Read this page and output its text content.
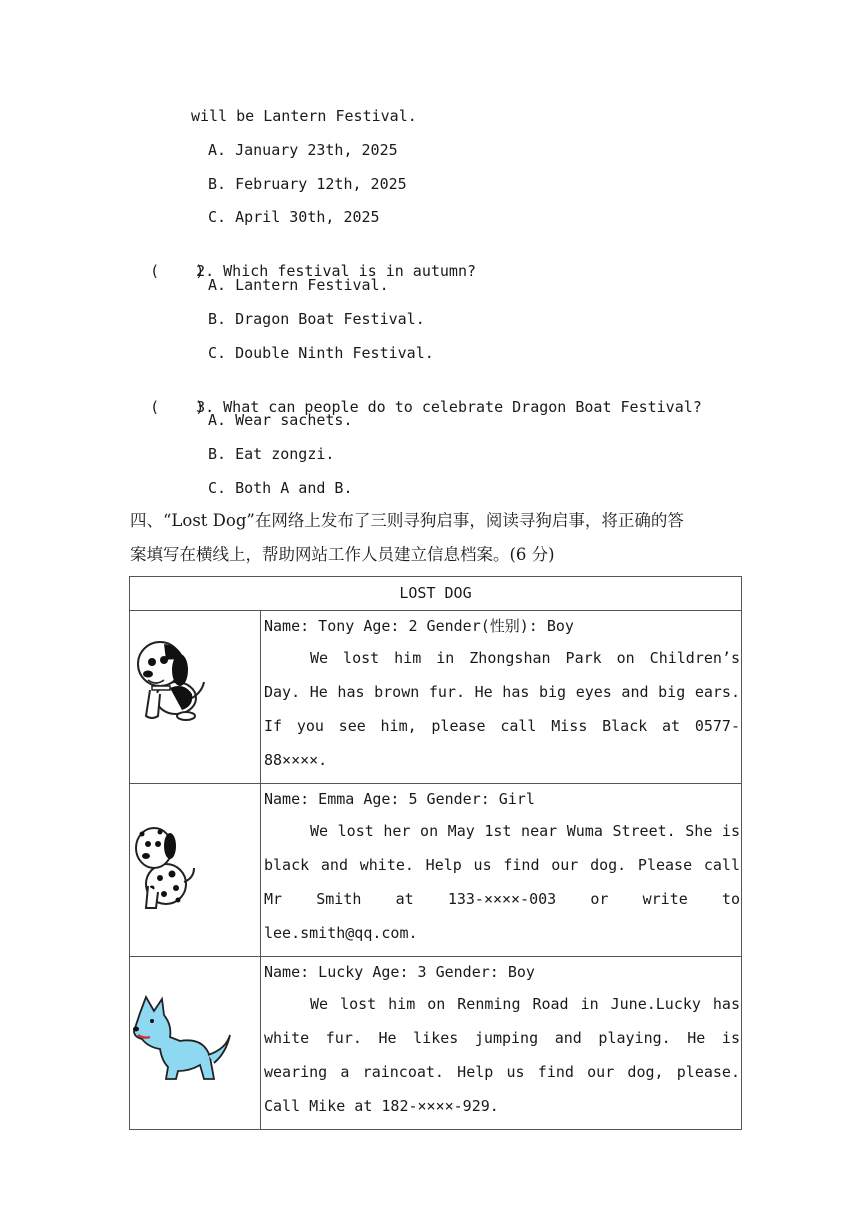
will be Lantern Festival.
A. January 23th, 2025
B. February 12th, 2025
C. April 30th, 2025

(    )2. Which festival is in autumn?

A. Lantern Festival.
B. Dragon Boat Festival.
C. Double Ninth Festival.

(    )3. What can people do to celebrate Dragon Boat Festival?

A. Wear sachets.
B. Eat zongzi.
C. Both A and B.
四、“Lost Dog”在网络上发布了三则寻狗启事，阅读寻狗启事，将正确的答
案填写在横线上，帮助网站工作人员建立信息档案。(6 分)
LOST DOG	

Name: Tony Age: 2 Gender(性别): Boy
We lost him in Zhongshan Park on Children’s Day. He has brown fur. He has big eyes and big ears. If you see him, please call Miss Black at 0577-88××××.

Name: Emma Age: 5 Gender: Girl
We lost her on May 1st near Wuma Street. She is black and white. Help us find our dog. Please call Mr Smith at 133-××××-003 or write to lee.smith@qq.com.

Name: Lucky Age: 3 Gender: Boy
We lost him on Renming Road in June.Lucky has white fur. He likes jumping and playing. He is wearing a raincoat. Help us find our dog, please. Call Mike at 182-××××-929.
